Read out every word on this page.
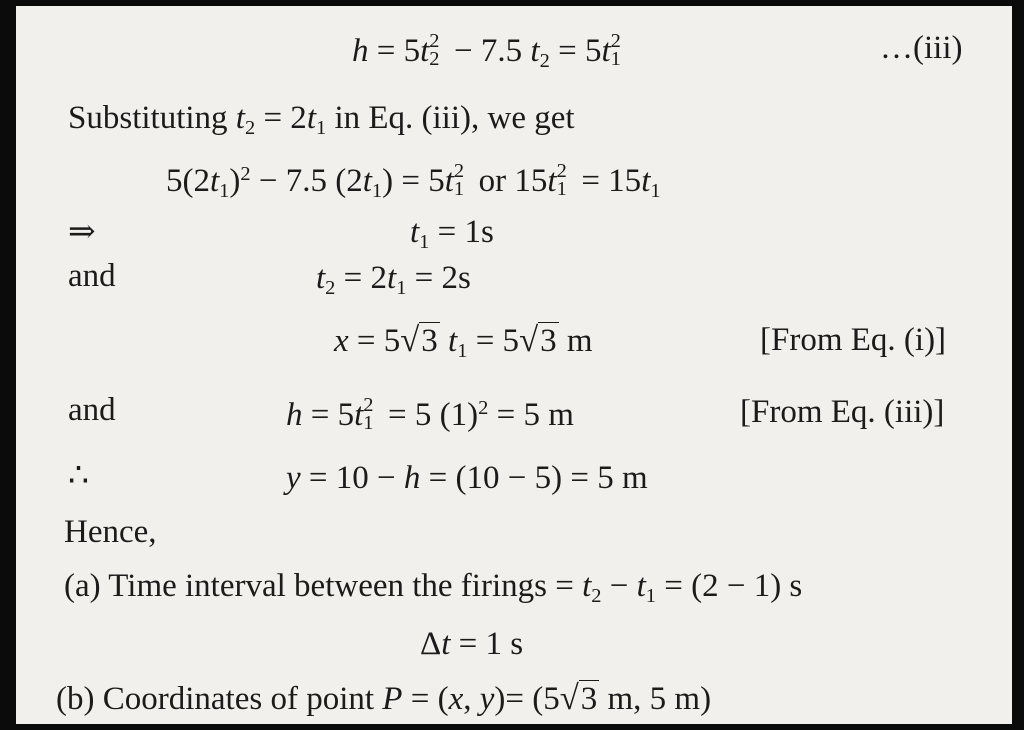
h = 5t 2
2 − 7.5 $t_2 = 5t$ 2
1	…(iii)
Substituting $t_2 = 2t_1$ in Eq. (iii), we get
$5(2t_1)^2 - 7.5$ $(2t_1) = 5t$ 2
1 or 15t 2
$1 = 15t_1$
⇒	$t_1 = 1s$
and	$t_2 = 2t_1 = 2s$
x = 5√3 $t_1 = 5√3$ m	[From Eq. (i)]
and	h = 5t 2
1 = 5 $(1)^2 = 5$ m	[From Eq. (iii)]
∴	y = 10 − h = (10 − 5) = 5 m
Hence,
(a) Time interval between the firings = $t_2 - t_1 = (2 - 1)$ s
Δt = 1 s
(b) Coordinates of point P = (x, y)= (5√3 m, 5 m)
